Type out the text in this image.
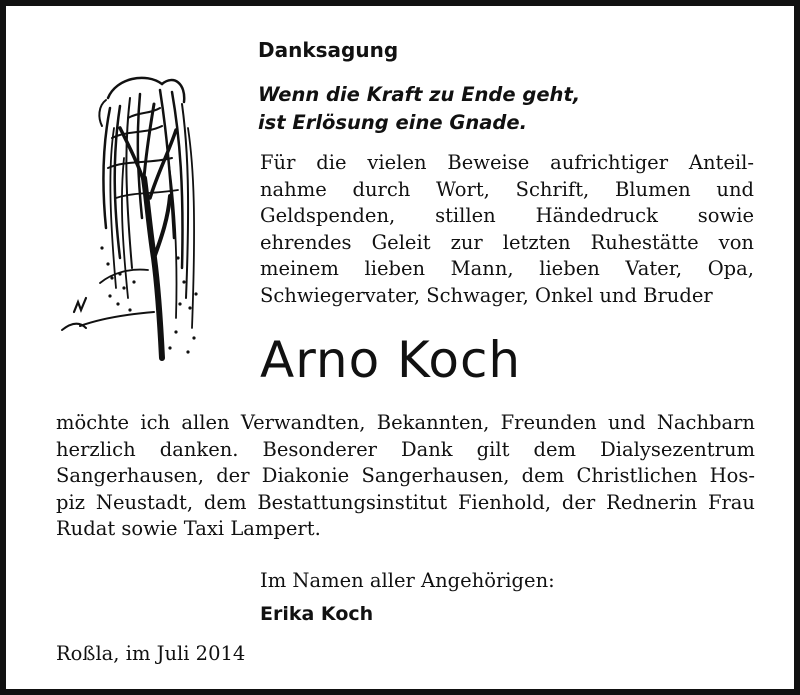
Danksagung
Wenn die Kraft zu Ende geht,
ist Erlösung eine Gnade.
Für die vielen Beweise aufrichtiger Anteil-
nahme durch Wort, Schrift, Blumen und
Geldspenden, stillen Händedruck sowie
ehrendes Geleit zur letzten Ruhestätte von
meinem lieben Mann, lieben Vater, Opa,
Schwiegervater, Schwager, Onkel und Bruder
Arno Koch
möchte ich allen Verwandten, Bekannten, Freunden und Nachbarn
herzlich danken. Besonderer Dank gilt dem Dialysezentrum
Sangerhausen, der Diakonie Sangerhausen, dem Christlichen Hos-
piz Neustadt, dem Bestattungsinstitut Fienhold, der Rednerin Frau
Rudat sowie Taxi Lampert.
Im Namen aller Angehörigen:
Erika Koch
Roßla, im Juli 2014
